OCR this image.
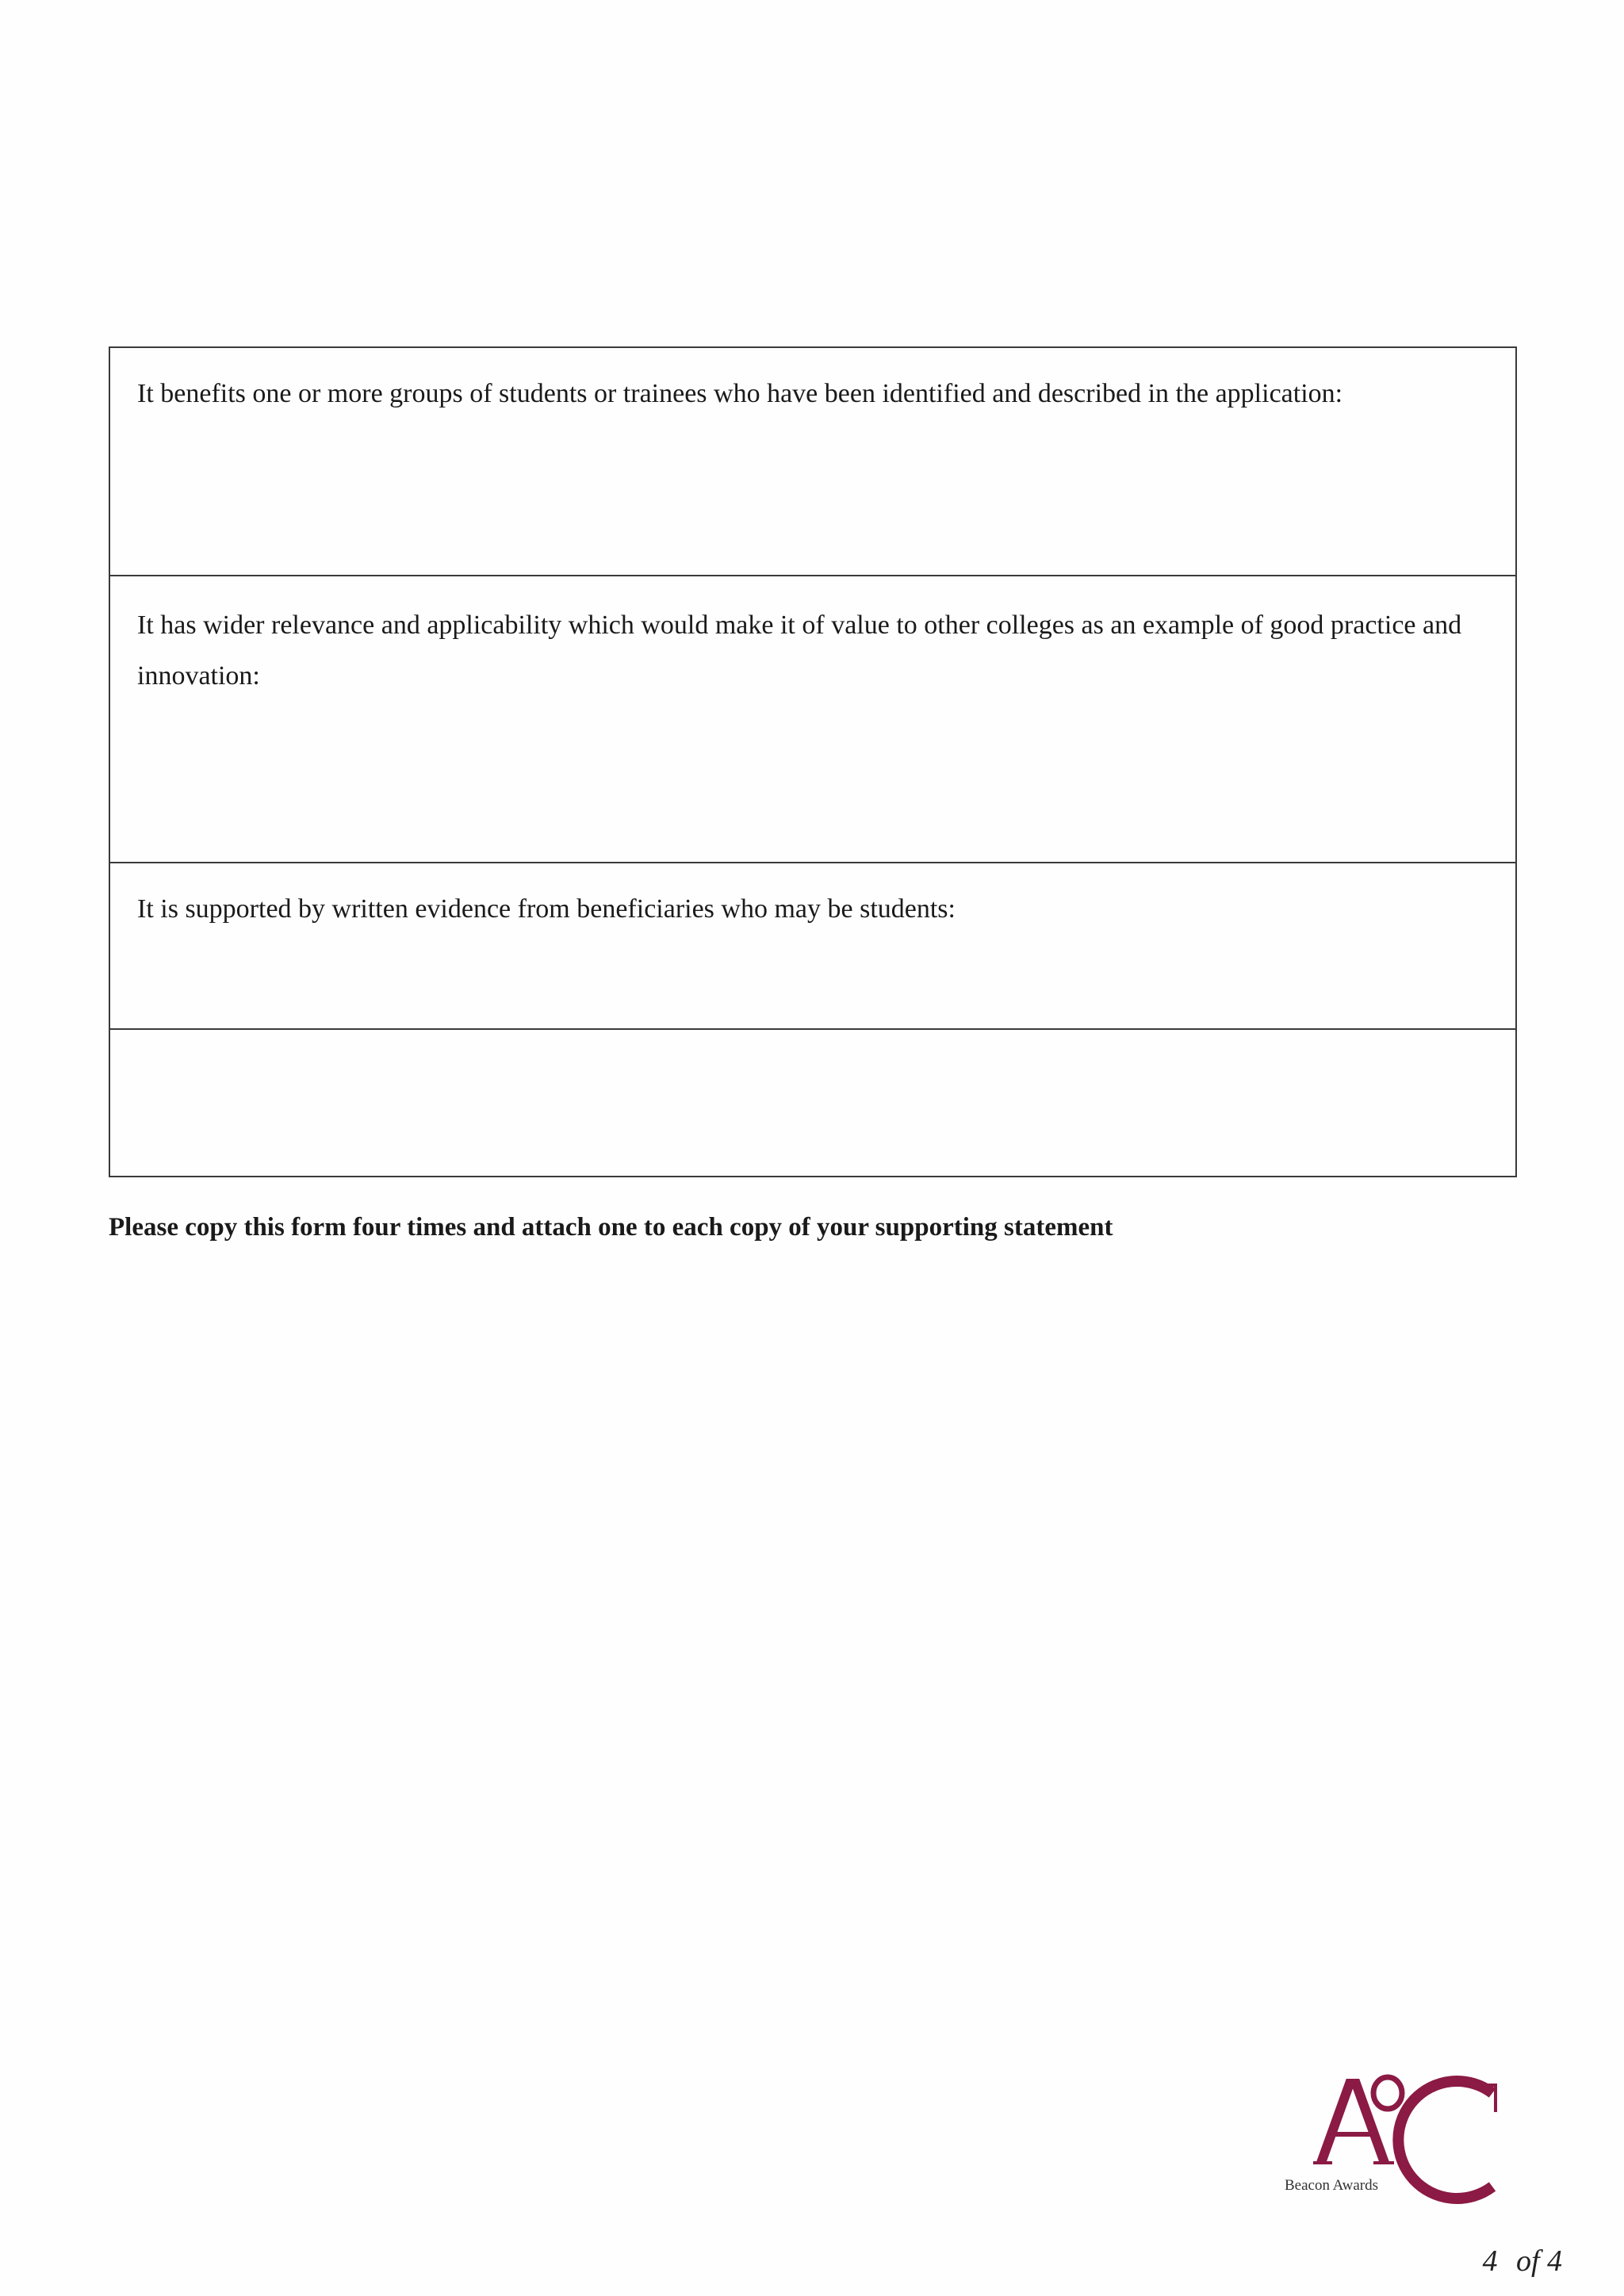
It benefits one or more groups of students or trainees who have been identified and described in the application:
It has wider relevance and applicability which would make it of value to other colleges as an example of good practice and innovation:
It is supported by written evidence from beneficiaries who may be students:
Please copy this form four times and attach one to each copy of your supporting statement
Beacon Awards
4 of 4
